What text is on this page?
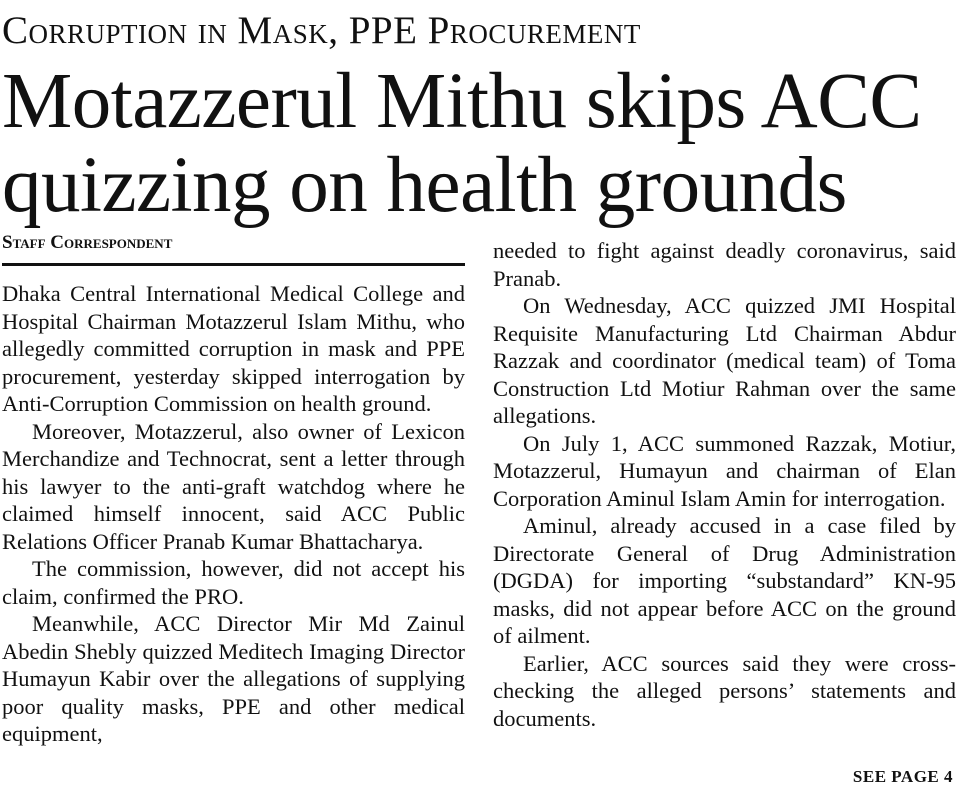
Corruption in Mask, PPE Procurement
Motazzerul Mithu skips ACC
quizzing on health grounds
Staff Correspondent

Dhaka Central International Medical College and Hospital Chairman Motazzerul Islam Mithu, who allegedly committed corruption in mask and PPE procurement, yesterday skipped interrogation by Anti-Corruption Commission on health ground.

Moreover, Motazzerul, also owner of Lexicon Merchandize and Technocrat, sent a letter through his lawyer to the anti-graft watchdog where he claimed himself innocent, said ACC Public Relations Officer Pranab Kumar Bhattacharya.

The commission, however, did not accept his claim, confirmed the PRO.

Meanwhile, ACC Director Mir Md Zainul Abedin Shebly quizzed Meditech Imaging Director Humayun Kabir over the allegations of supplying poor quality masks, PPE and other medical equipment,

needed to fight against deadly coronavirus, said Pranab.

On Wednesday, ACC quizzed JMI Hospital Requisite Manufacturing Ltd Chairman Abdur Razzak and coordinator (medical team) of Toma Construction Ltd Motiur Rahman over the same allegations.

On July 1, ACC summoned Razzak, Motiur, Motazzerul, Humayun and chairman of Elan Corporation Aminul Islam Amin for interrogation.

Aminul, already accused in a case filed by Directorate General of Drug Administration (DGDA) for importing “substandard” KN-95 masks, did not appear before ACC on the ground of ailment.

Earlier, ACC sources said they were cross-checking the alleged persons’ statements and documents.

SEE PAGE 4
